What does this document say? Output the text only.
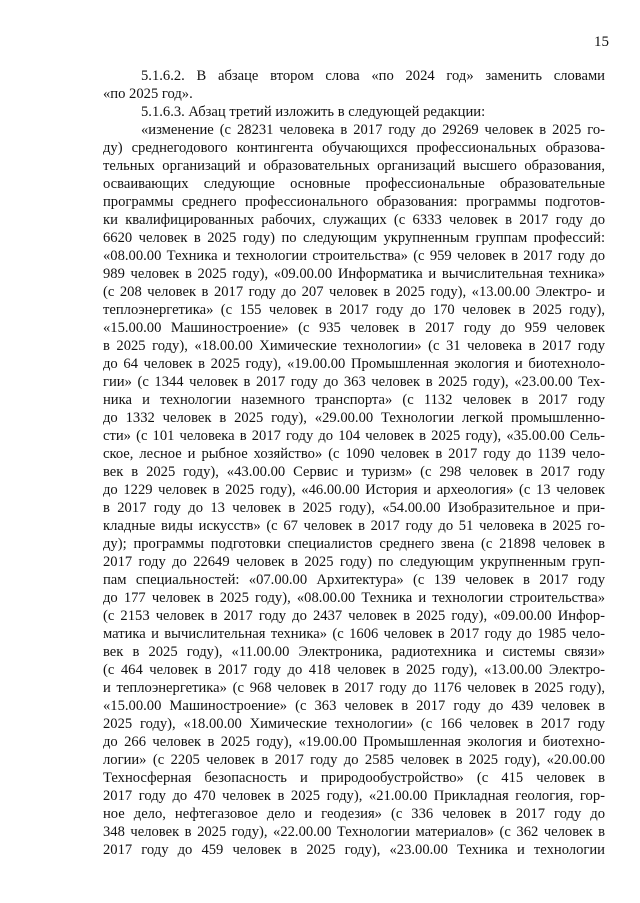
15
5.1.6.2. В абзаце втором слова «по 2024 год» заменить словами
«по 2025 год».
5.1.6.3. Абзац третий изложить в следующей редакции:
«изменение (с 28231 человека в 2017 году до 29269 человек в 2025 го-
ду) среднегодового контингента обучающихся профессиональных образова-
тельных организаций и образовательных организаций высшего образования,
осваивающих следующие основные профессиональные образовательные
программы среднего профессионального образования: программы подготов-
ки квалифицированных рабочих, служащих (с 6333 человек в 2017 году до
6620 человек в 2025 году) по следующим укрупненным группам профессий:
«08.00.00 Техника и технологии строительства» (с 959 человек в 2017 году до
989 человек в 2025 году), «09.00.00 Информатика и вычислительная техника»
(с 208 человек в 2017 году до 207 человек в 2025 году), «13.00.00 Электро- и
теплоэнергетика» (с 155 человек в 2017 году до 170 человек в 2025 году),
«15.00.00 Машиностроение» (с 935 человек в 2017 году до 959 человек
в 2025 году), «18.00.00 Химические технологии» (с 31 человека в 2017 году
до 64 человек в 2025 году), «19.00.00 Промышленная экология и биотехноло-
гии» (с 1344 человек в 2017 году до 363 человек в 2025 году), «23.00.00 Тех-
ника и технологии наземного транспорта» (с 1132 человек в 2017 году
до 1332 человек в 2025 году), «29.00.00 Технологии легкой промышленно-
сти» (с 101 человека в 2017 году до 104 человек в 2025 году), «35.00.00 Сель-
ское, лесное и рыбное хозяйство» (с 1090 человек в 2017 году до 1139 чело-
век в 2025 году), «43.00.00 Сервис и туризм» (с 298 человек в 2017 году
до 1229 человек в 2025 году), «46.00.00 История и археология» (с 13 человек
в 2017 году до 13 человек в 2025 году), «54.00.00 Изобразительное и при-
кладные виды искусств» (с 67 человек в 2017 году до 51 человека в 2025 го-
ду); программы подготовки специалистов среднего звена (с 21898 человек в
2017 году до 22649 человек в 2025 году) по следующим укрупненным груп-
пам специальностей: «07.00.00 Архитектура» (с 139 человек в 2017 году
до 177 человек в 2025 году), «08.00.00 Техника и технологии строительства»
(с 2153 человек в 2017 году до 2437 человек в 2025 году), «09.00.00 Инфор-
матика и вычислительная техника» (с 1606 человек в 2017 году до 1985 чело-
век в 2025 году), «11.00.00 Электроника, радиотехника и системы связи»
(с 464 человек в 2017 году до 418 человек в 2025 году), «13.00.00 Электро-
и теплоэнергетика» (с 968 человек в 2017 году до 1176 человек в 2025 году),
«15.00.00 Машиностроение» (с 363 человек в 2017 году до 439 человек в
2025 году), «18.00.00 Химические технологии» (с 166 человек в 2017 году
до 266 человек в 2025 году), «19.00.00 Промышленная экология и биотехно-
логии» (с 2205 человек в 2017 году до 2585 человек в 2025 году), «20.00.00
Техносферная безопасность и природообустройство» (с 415 человек в
2017 году до 470 человек в 2025 году), «21.00.00 Прикладная геология, гор-
ное дело, нефтегазовое дело и геодезия» (с 336 человек в 2017 году до
348 человек в 2025 году), «22.00.00 Технологии материалов» (с 362 человек в
2017 году до 459 человек в 2025 году), «23.00.00 Техника и технологии
